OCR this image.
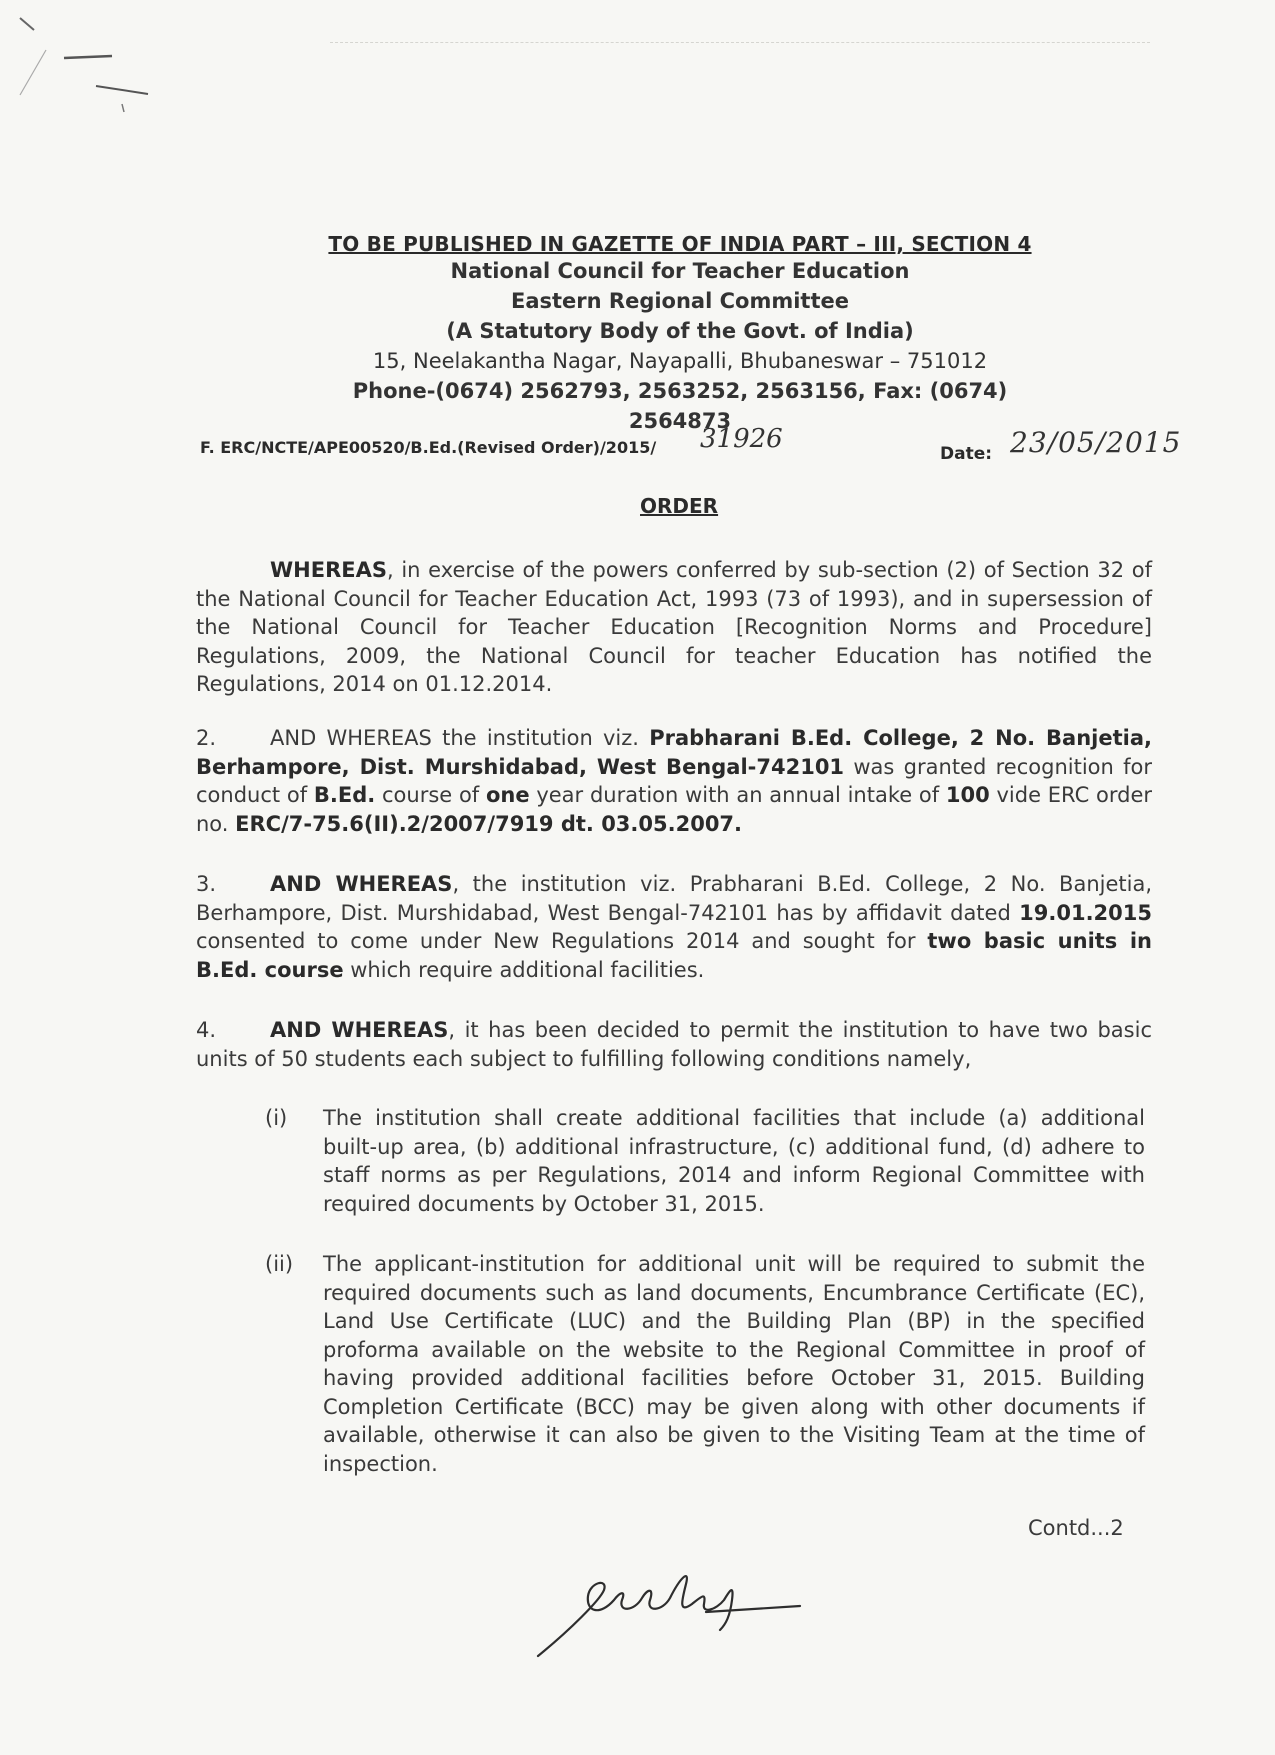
TO BE PUBLISHED IN GAZETTE OF INDIA PART – III, SECTION 4
National Council for Teacher Education
Eastern Regional Committee
(A Statutory Body of the Govt. of India)
15, Neelakantha Nagar, Nayapalli, Bhubaneswar – 751012
Phone-(0674) 2562793, 2563252, 2563156, Fax: (0674) 2564873
F. ERC/NCTE/APE00520/B.Ed.(Revised Order)/2015/ 31926	Date: 23/05/2015
ORDER
WHEREAS, in exercise of the powers conferred by sub-section (2) of Section 32 of the National Council for Teacher Education Act, 1993 (73 of 1993), and in supersession of the National Council for Teacher Education [Recognition Norms and Procedure] Regulations, 2009, the National Council for teacher Education has notified the Regulations, 2014 on 01.12.2014.
2.	AND WHEREAS the institution viz. Prabharani B.Ed. College, 2 No. Banjetia, Berhampore, Dist. Murshidabad, West Bengal-742101 was granted recognition for conduct of B.Ed. course of one year duration with an annual intake of 100 vide ERC order no. ERC/7-75.6(II).2/2007/7919 dt. 03.05.2007.
3.	AND WHEREAS, the institution viz. Prabharani B.Ed. College, 2 No. Banjetia, Berhampore, Dist. Murshidabad, West Bengal-742101 has by affidavit dated 19.01.2015 consented to come under New Regulations 2014 and sought for two basic units in B.Ed. course which require additional facilities.
4.	AND WHEREAS, it has been decided to permit the institution to have two basic units of 50 students each subject to fulfilling following conditions namely,
(i)	The institution shall create additional facilities that include (a) additional built-up area, (b) additional infrastructure, (c) additional fund, (d) adhere to staff norms as per Regulations, 2014 and inform Regional Committee with required documents by October 31, 2015.
(ii)	The applicant-institution for additional unit will be required to submit the required documents such as land documents, Encumbrance Certificate (EC), Land Use Certificate (LUC) and the Building Plan (BP) in the specified proforma available on the website to the Regional Committee in proof of having provided additional facilities before October 31, 2015. Building Completion Certificate (BCC) may be given along with other documents if available, otherwise it can also be given to the Visiting Team at the time of inspection.
Contd...2
